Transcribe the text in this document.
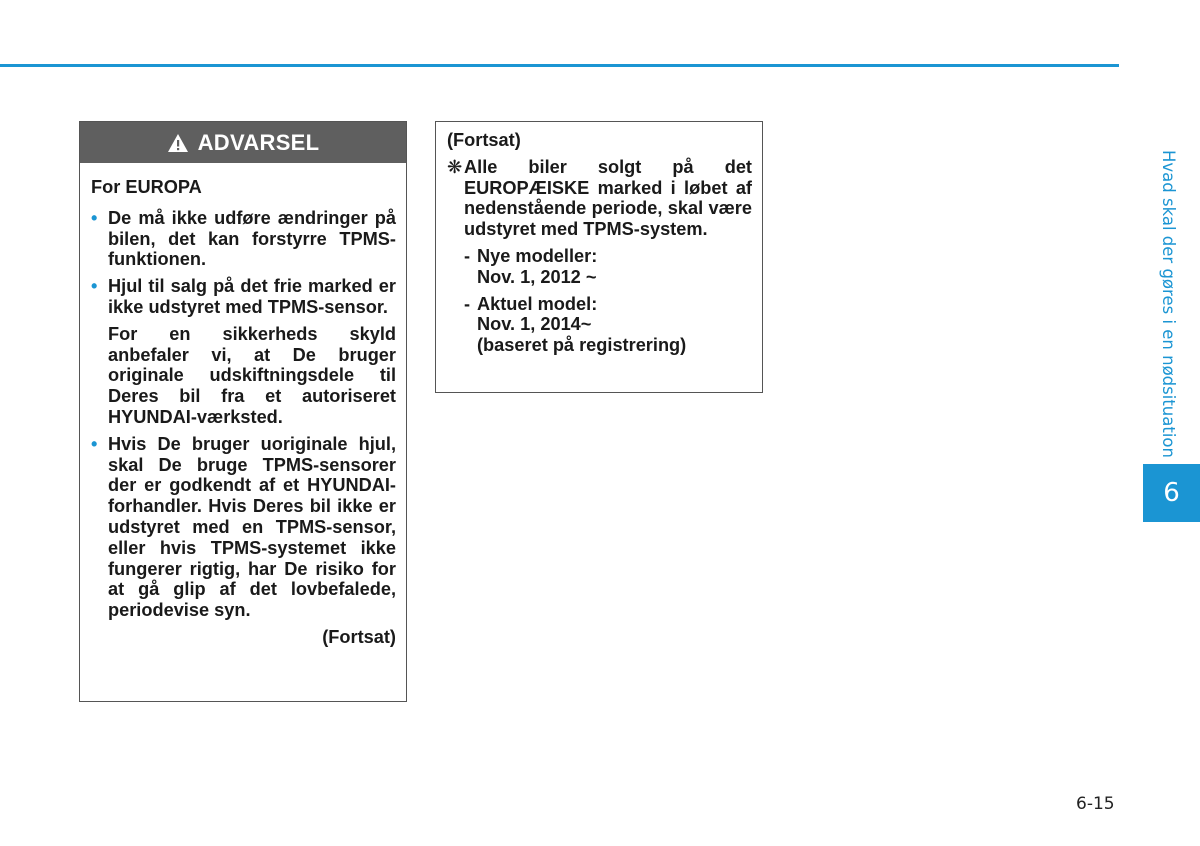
ADVARSEL
For EUROPA
• De må ikke udføre ændringer på bilen, det kan forstyrre TPMS-funktionen.
• Hjul til salg på det frie marked er ikke udstyret med TPMS-sensor.
For en sikkerheds skyld anbefaler vi, at De bruger originale udskiftningsdele til Deres bil fra et autoriseret HYUNDAI-værksted.
• Hvis De bruger uoriginale hjul, skal De bruge TPMS-sensorer der er godkendt af et HYUNDAI-forhandler. Hvis Deres bil ikke er udstyret med en TPMS-sensor, eller hvis TPMS-systemet ikke fungerer rigtig, har De risiko for at gå glip af det lovbefalede, periodevise syn.
(Fortsat)
(Fortsat)
❋ Alle biler solgt på det EUROPÆISKE marked i løbet af nedenstående periode, skal være udstyret med TPMS-system.
- Nye modeller:
Nov. 1, 2012 ~
- Aktuel model:
Nov. 1, 2014~
(baseret på registrering)	Hvad skal der gøres i en nødsituation
6
6-15
